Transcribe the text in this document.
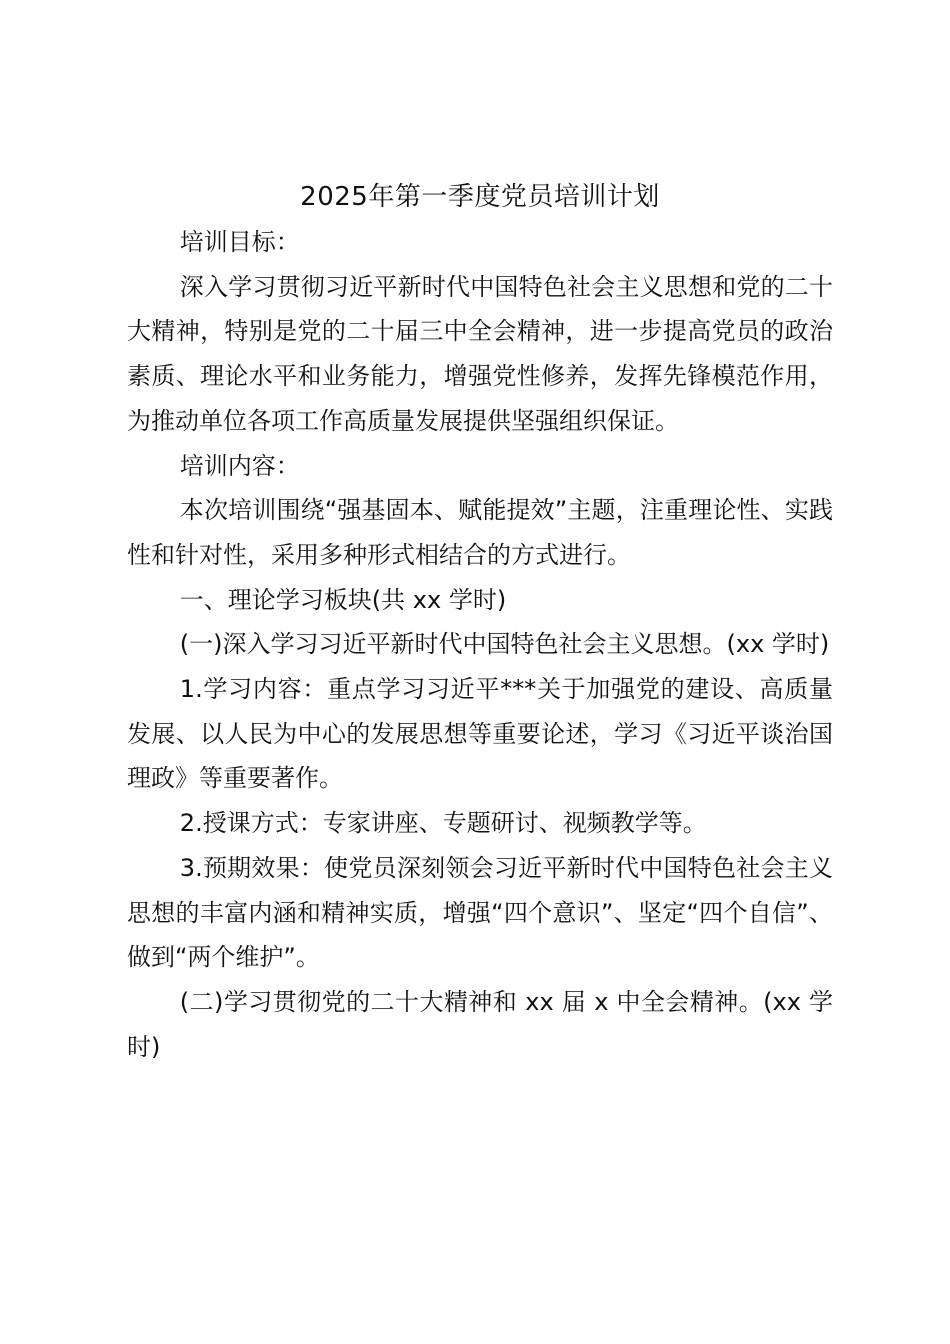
2025年第一季度党员培训计划

培训目标：

深入学习贯彻习近平新时代中国特色社会主义思想和党的二十大精神，特别是党的二十届三中全会精神，进一步提高党员的政治素质、理论水平和业务能力，增强党性修养，发挥先锋模范作用，为推动单位各项工作高质量发展提供坚强组织保证。

培训内容：

本次培训围绕“强基固本、赋能提效”主题，注重理论性、实践性和针对性，采用多种形式相结合的方式进行。

一、理论学习板块(共 xx 学时)

(一)深入学习习近平新时代中国特色社会主义思想。(xx 学时)

1.学习内容：重点学习习近平***关于加强党的建设、高质量发展、以人民为中心的发展思想等重要论述，学习《习近平谈治国理政》等重要著作。

2.授课方式：专家讲座、专题研讨、视频教学等。

3.预期效果：使党员深刻领会习近平新时代中国特色社会主义思想的丰富内涵和精神实质，增强“四个意识”、坚定“四个自信”、做到“两个维护”。

(二)学习贯彻党的二十大精神和 xx 届 x 中全会精神。(xx 学时)
